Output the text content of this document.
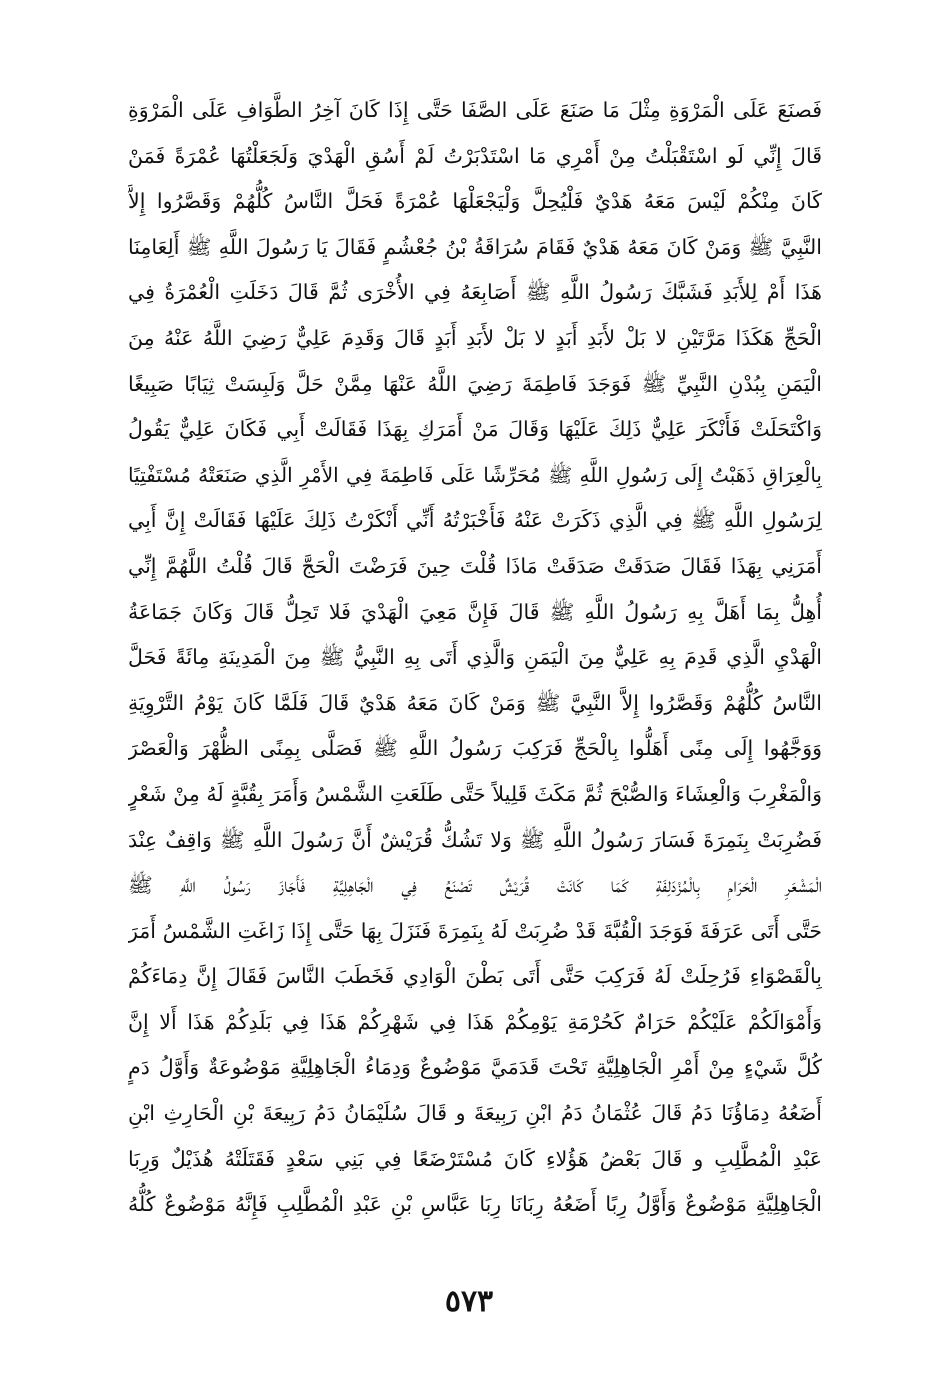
فَصنَعَ عَلَى الْمَرْوَةِ مِثْلَ مَا صَنَعَ عَلَى الصَّفَا حَتَّى إِذَا كَانَ آخِرُ الطَّوَافِ عَلَى الْمَرْوَةِ
قَالَ إِنِّي لَو اسْتَقْبَلْتُ مِنْ أَمْرِي مَا اسْتَدْبَرْتُ لَمْ أَسُقِ الْهَدْيَ وَلَجَعَلْتُهَا عُمْرَةً فَمَنْ
كَانَ مِنْكُمْ لَيْسَ مَعَهُ هَدْيٌ فَلْيُحِلَّ وَلْيَجْعَلْهَا عُمْرَةً فَحَلَّ النَّاسُ كُلُّهُمْ وَقَصَّرُوا إِلاَّ
النَّبِيَّ ﷺ وَمَنْ كَانَ مَعَهُ هَدْيٌ فَقَامَ سُرَاقَةُ بْنُ جُعْشُمٍ فَقَالَ يَا رَسُولَ اللَّهِ ﷺ أَلِعَامِنَا
هَذَا أَمْ لِلأَبَدِ فَشَبَّكَ رَسُولُ اللَّهِ ﷺ أَصَابِعَهُ فِي الأُخْرَى ثُمَّ قَالَ دَخَلَتِ الْعُمْرَةُ فِي
الْحَجِّ هَكَذَا مَرَّتَيْنِ لا بَلْ لأَبَدِ أَبَدٍ لا بَلْ لأَبَدِ أَبَدٍ قَالَ وَقَدِمَ عَلِيٌّ رَضِيَ اللَّهُ عَنْهُ مِنَ
الْيَمَنِ بِبُدْنِ النَّبِيِّ ﷺ فَوَجَدَ فَاطِمَةَ رَضِيَ اللَّهُ عَنْهَا مِمَّنْ حَلَّ وَلَبِسَتْ ثِيَابًا صَبِيغًا
وَاكْتَحَلَتْ فَأَنْكَرَ عَلِيٌّ ذَلِكَ عَلَيْهَا وَقَالَ مَنْ أَمَرَكِ بِهَذَا فَقَالَتْ أَبِي فَكَانَ عَلِيٌّ يَقُولُ
بِالْعِرَاقِ ذَهَبْتُ إِلَى رَسُولِ اللَّهِ ﷺ مُحَرِّشًا عَلَى فَاطِمَةَ فِي الأَمْرِ الَّذِي صَنَعَتْهُ مُسْتَفْتِيًا
لِرَسُولِ اللَّهِ ﷺ فِي الَّذِي ذَكَرَتْ عَنْهُ فَأَخْبَرْتُهُ أَنِّي أَنْكَرْتُ ذَلِكَ عَلَيْهَا فَقَالَتْ إِنَّ أَبِي
أَمَرَنِي بِهَذَا فَقَالَ صَدَقَتْ صَدَقَتْ مَاذَا قُلْتَ حِينَ فَرَضْتَ الْحَجَّ قَالَ قُلْتُ اللَّهُمَّ إِنِّي
أُهِلُّ بِمَا أَهَلَّ بِهِ رَسُولُ اللَّهِ ﷺ قَالَ فَإِنَّ مَعِيَ الْهَدْيَ فَلا تَحِلُّ قَالَ وَكَانَ جَمَاعَةُ
الْهَدْيِ الَّذِي قَدِمَ بِهِ عَلِيٌّ مِنَ الْيَمَنِ وَالَّذِي أَتَى بِهِ النَّبِيُّ ﷺ مِنَ الْمَدِينَةِ مِائَةً فَحَلَّ
النَّاسُ كُلُّهُمْ وَقَصَّرُوا إِلاَّ النَّبِيَّ ﷺ وَمَنْ كَانَ مَعَهُ هَدْيٌ قَالَ فَلَمَّا كَانَ يَوْمُ التَّرْوِيَةِ
وَوَجَّهُوا إِلَى مِنًى أَهَلُّوا بِالْحَجِّ فَرَكِبَ رَسُولُ اللَّهِ ﷺ فَصَلَّى بِمِنًى الظُّهْرَ وَالْعَصْرَ
وَالْمَغْرِبَ وَالْعِشَاءَ وَالصُّبْحَ ثُمَّ مَكَثَ قَلِيلاً حَتَّى طَلَعَتِ الشَّمْسُ وَأَمَرَ بِقُبَّةٍ لَهُ مِنْ شَعْرٍ
فَضُرِبَتْ بِنَمِرَةَ فَسَارَ رَسُولُ اللَّهِ ﷺ وَلا تَشُكُّ قُرَيْشٌ أَنَّ رَسُولَ اللَّهِ ﷺ وَاقِفٌ عِنْدَ
الْمَشْعَرِ الْحَرَامِ بِالْمُزْدَلِفَةِ كَمَا كَانَتْ قُرَيْشٌ تَصْنَعُ فِي الْجَاهِلِيَّةِ فَأَجَازَ رَسُولُ اللَّهِ ﷺ
حَتَّى أَتَى عَرَفَةَ فَوَجَدَ الْقُبَّةَ قَدْ ضُرِبَتْ لَهُ بِنَمِرَةَ فَنَزَلَ بِهَا حَتَّى إِذَا زَاغَتِ الشَّمْسُ أَمَرَ
بِالْقَصْوَاءِ فَرُحِلَتْ لَهُ فَرَكِبَ حَتَّى أَتَى بَطْنَ الْوَادِي فَخَطَبَ النَّاسَ فَقَالَ إِنَّ دِمَاءَكُمْ
وَأَمْوَالَكُمْ عَلَيْكُمْ حَرَامٌ كَحُرْمَةِ يَوْمِكُمْ هَذَا فِي شَهْرِكُمْ هَذَا فِي بَلَدِكُمْ هَذَا أَلا إِنَّ
كُلَّ شَيْءٍ مِنْ أَمْرِ الْجَاهِلِيَّةِ تَحْتَ قَدَمَيَّ مَوْضُوعٌ وَدِمَاءُ الْجَاهِلِيَّةِ مَوْضُوعَةٌ وَأَوَّلُ دَمٍ
أَضَعُهُ دِمَاؤُنَا دَمُ قَالَ عُثْمَانُ دَمُ ابْنِ رَبِيعَةَ و قَالَ سُلَيْمَانُ دَمُ رَبِيعَةَ بْنِ الْحَارِثِ ابْنِ
عَبْدِ الْمُطَّلِبِ و قَالَ بَعْضُ هَؤُلاءِ كَانَ مُسْتَرْضَعًا فِي بَنِي سَعْدٍ فَقَتَلَتْهُ هُذَيْلٌ وَرِبَا
الْجَاهِلِيَّةِ مَوْضُوعٌ وَأَوَّلُ رِبًا أَضَعُهُ رِبَانَا رِبَا عَبَّاسِ بْنِ عَبْدِ الْمُطَّلِبِ فَإِنَّهُ مَوْضُوعٌ كُلُّهُ
٥٧٣
